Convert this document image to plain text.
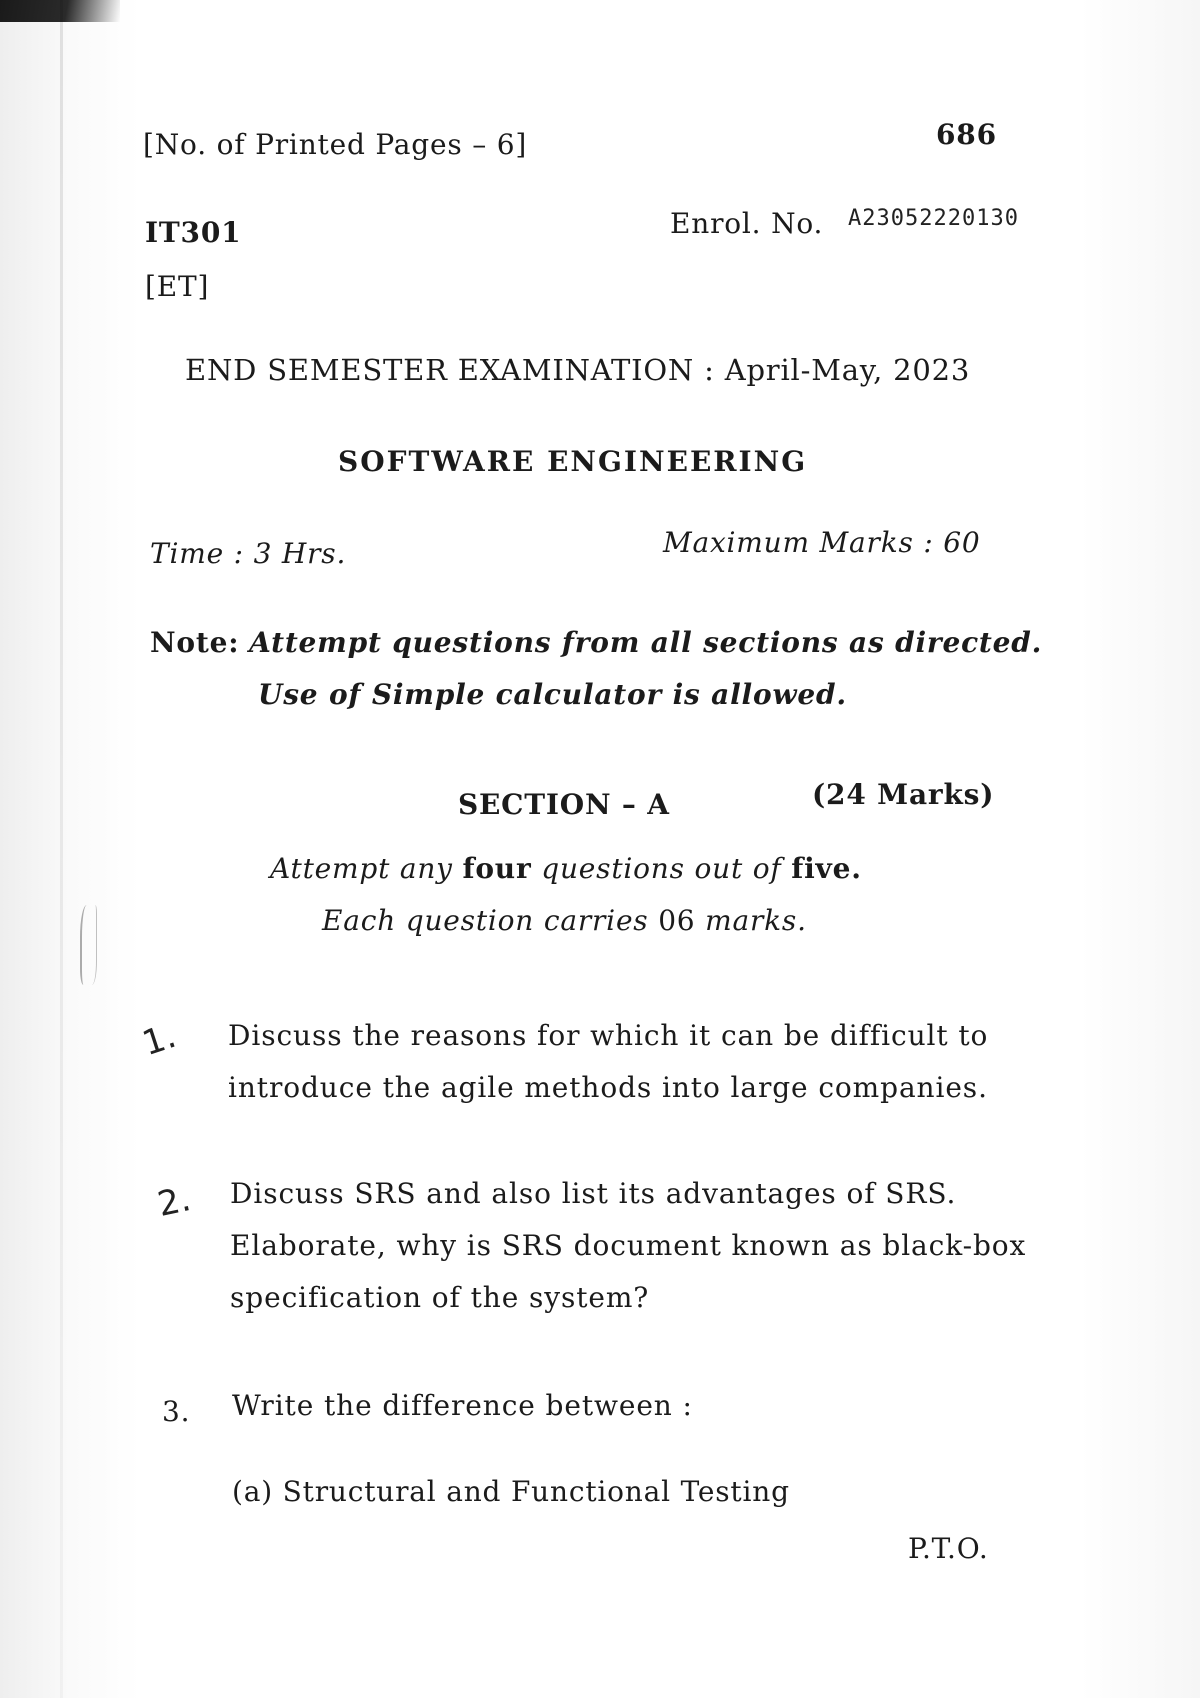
[No. of Printed Pages – 6]	686
IT301	Enrol. No. A23052220130
[ET]
END SEMESTER EXAMINATION : April-May, 2023
SOFTWARE ENGINEERING
Time : 3 Hrs.	Maximum Marks : 60
Note: Attempt questions from all sections as directed.
Use of Simple calculator is allowed.
SECTION – A	(24 Marks)
Attempt any four questions out of five.
Each question carries 06 marks.
1. Discuss the reasons for which it can be difficult to
introduce the agile methods into large companies.
2. Discuss SRS and also list its advantages of SRS.
Elaborate, why is SRS document known as black-box
specification of the system?
3. Write the difference between :
(a) Structural and Functional Testing
P.T.O.
